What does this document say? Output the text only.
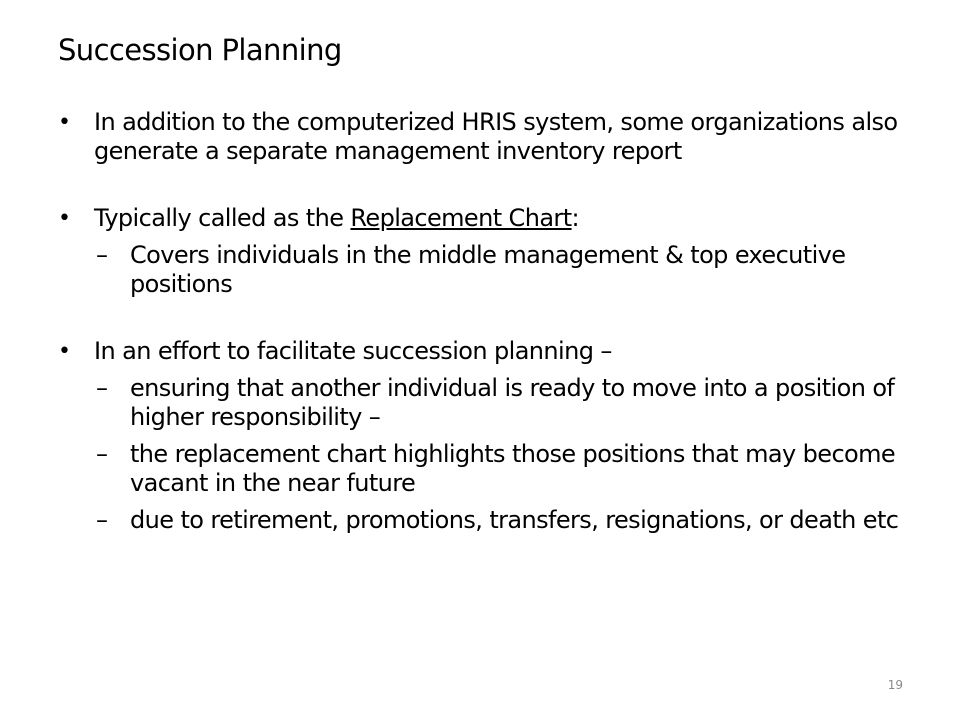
Succession Planning
• In addition to the computerized HRIS system, some organizations also generate a separate management inventory report
• Typically called as the Replacement Chart:
– Covers individuals in the middle management & top executive positions
• In an effort to facilitate succession planning –
– ensuring that another individual is ready to move into a position of higher responsibility –
– the replacement chart highlights those positions that may become vacant in the near future
– due to retirement, promotions, transfers, resignations, or death etc
19
